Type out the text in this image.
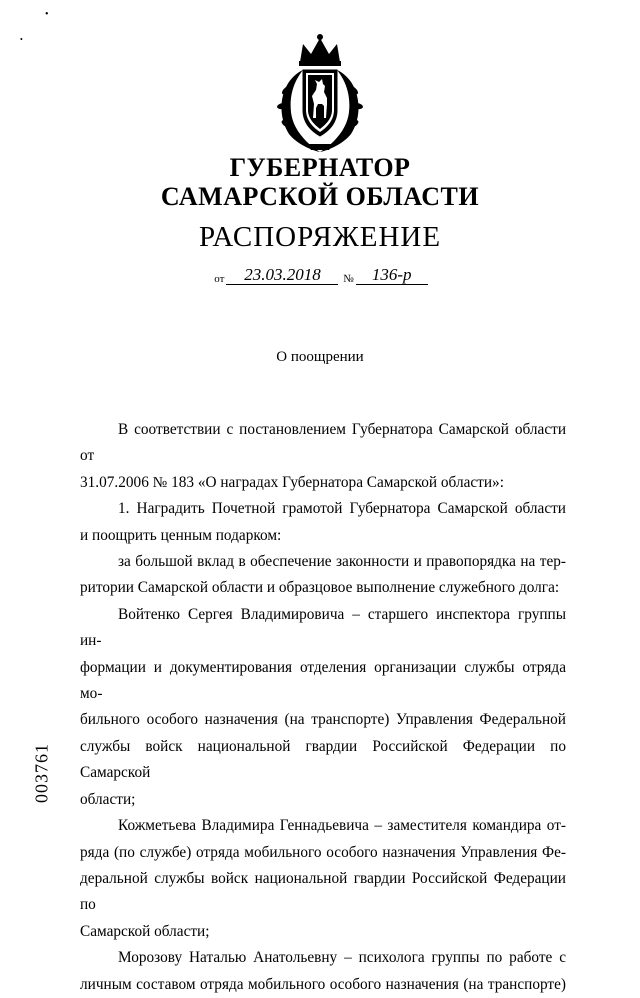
•
•
ГУБЕРНАТОР
САМАРСКОЙ ОБЛАСТИ
РАСПОРЯЖЕНИЕ
от 23.03.2018 № 136-р
О поощрении

В соответствии с постановлением Губернатора Самарской области от

31.07.2006 № 183 «О наградах Губернатора Самарской области»:

1. Наградить Почетной грамотой Губернатора Самарской области

и поощрить ценным подарком:

за большой вклад в обеспечение законности и правопорядка на тер-

ритории Самарской области и образцовое выполнение служебного долга:

Войтенко Сергея Владимировича – старшего инспектора группы ин-

формации и документирования отделения организации службы отряда мо-

бильного особого назначения (на транспорте) Управления Федеральной

службы войск национальной гвардии Российской Федерации по Самарской

области;

Кожметьева Владимира Геннадьевича – заместителя командира от-

ряда (по службе) отряда мобильного особого назначения Управления Фе-

деральной службы войск национальной гвардии Российской Федерации по

Самарской области;

Морозову Наталью Анатольевну – психолога группы по работе с

личным составом отряда мобильного особого назначения (на транспорте)

003761
